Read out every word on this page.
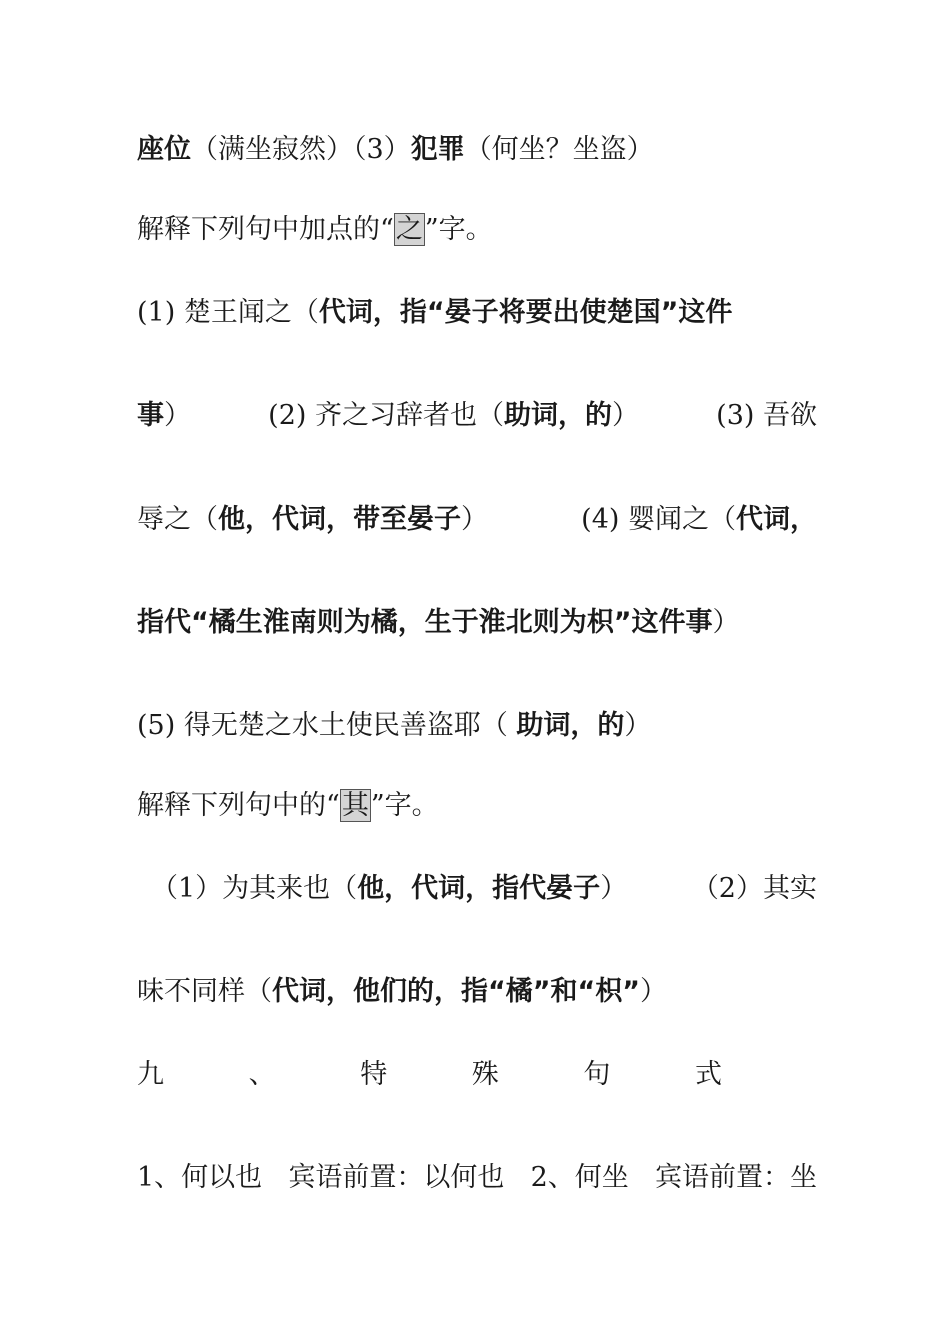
座位（满坐寂然）（3）犯罪（何坐？坐盗）
解释下列句中加点的“之”字。
(1) 楚王闻之（代词，指“晏子将要出使楚国”这件
事）	(2) 齐之习辞者也（助词，的）	(3) 吾欲
辱之（他，代词，带至晏子）	(4) 婴闻之（代词，
指代“橘生淮南则为橘，生于淮北则为枳”这件事）
(5) 得无楚之水土使民善盗耶（ 助词，的）
解释下列句中的“其”字。
（1）为其来也（他，代词，指代晏子） （2）其实
味不同样（代词，他们的，指“橘”和“枳”）
九	、	特	殊	句	式
1、何以也 宾语前置：以何也 2、何坐 宾语前置：坐
